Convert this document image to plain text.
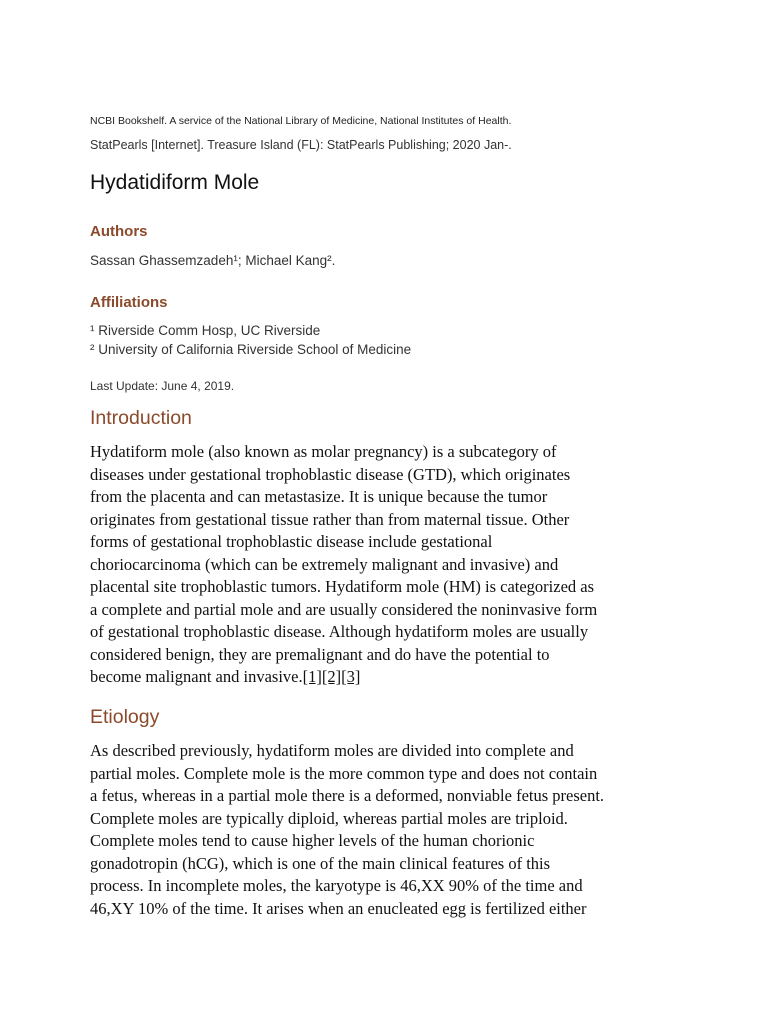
NCBI Bookshelf. A service of the National Library of Medicine, National Institutes of Health.
StatPearls [Internet]. Treasure Island (FL): StatPearls Publishing; 2020 Jan-.
Hydatidiform Mole
Authors
Sassan Ghassemzadeh¹; Michael Kang².
Affiliations
¹ Riverside Comm Hosp, UC Riverside
² University of California Riverside School of Medicine
Last Update: June 4, 2019.
Introduction
Hydatiform mole (also known as molar pregnancy) is a subcategory of
diseases under gestational trophoblastic disease (GTD), which originates
from the placenta and can metastasize. It is unique because the tumor
originates from gestational tissue rather than from maternal tissue. Other
forms of gestational trophoblastic disease include gestational
choriocarcinoma (which can be extremely malignant and invasive) and
placental site trophoblastic tumors. Hydatiform mole (HM) is categorized as
a complete and partial mole and are usually considered the noninvasive form
of gestational trophoblastic disease. Although hydatiform moles are usually
considered benign, they are premalignant and do have the potential to
become malignant and invasive.[1][2][3]
Etiology
As described previously, hydatiform moles are divided into complete and
partial moles. Complete mole is the more common type and does not contain
a fetus, whereas in a partial mole there is a deformed, nonviable fetus present.
Complete moles are typically diploid, whereas partial moles are triploid.
Complete moles tend to cause higher levels of the human chorionic
gonadotropin (hCG), which is one of the main clinical features of this
process. In incomplete moles, the karyotype is 46,XX 90% of the time and
46,XY 10% of the time. It arises when an enucleated egg is fertilized either
